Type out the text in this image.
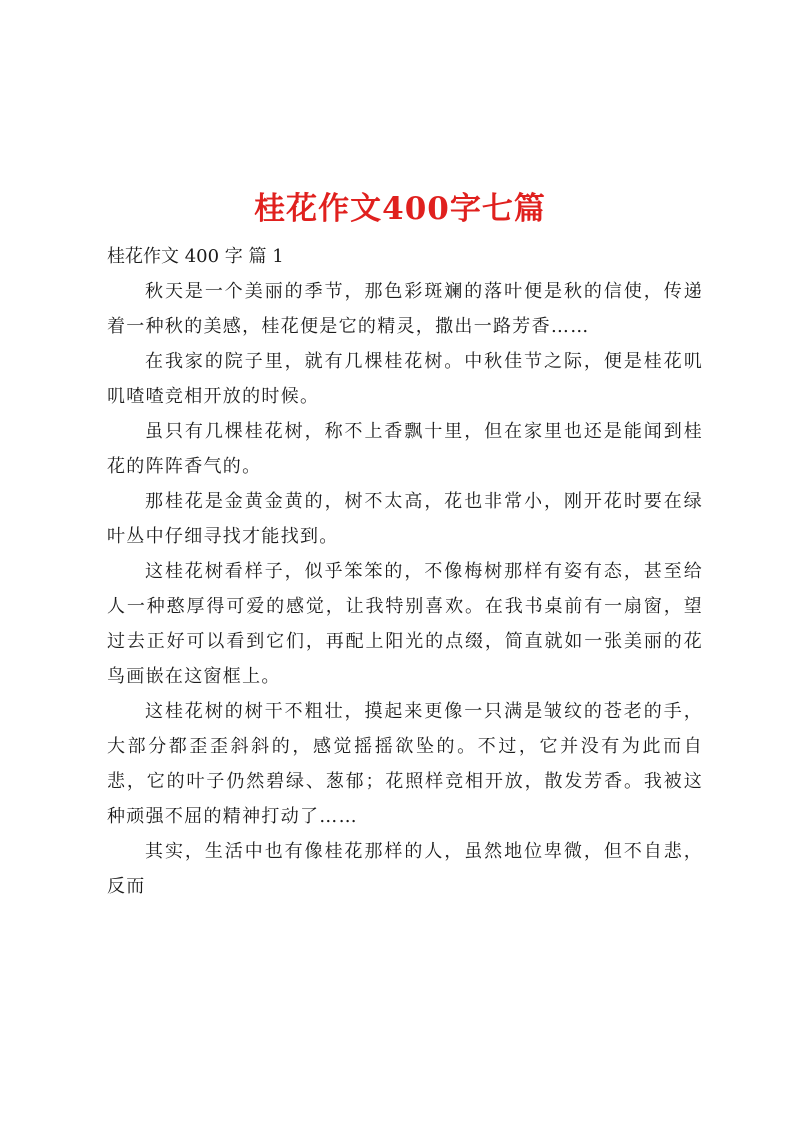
桂花作文400字七篇

桂花作文 400 字 篇 1

秋天是一个美丽的季节，那色彩斑斓的落叶便是秋的信使，传递着一种秋的美感，桂花便是它的精灵，撒出一路芳香……

在我家的院子里，就有几棵桂花树。中秋佳节之际，便是桂花叽叽喳喳竞相开放的时候。

虽只有几棵桂花树，称不上香飘十里，但在家里也还是能闻到桂花的阵阵香气的。

那桂花是金黄金黄的，树不太高，花也非常小，刚开花时要在绿叶丛中仔细寻找才能找到。

这桂花树看样子，似乎笨笨的，不像梅树那样有姿有态，甚至给人一种憨厚得可爱的感觉，让我特别喜欢。在我书桌前有一扇窗，望过去正好可以看到它们，再配上阳光的点缀，简直就如一张美丽的花鸟画嵌在这窗框上。

这桂花树的树干不粗壮，摸起来更像一只满是皱纹的苍老的手，大部分都歪歪斜斜的，感觉摇摇欲坠的。不过，它并没有为此而自悲，它的叶子仍然碧绿、葱郁；花照样竞相开放，散发芳香。我被这种顽强不屈的精神打动了……

其实，生活中也有像桂花那样的人，虽然地位卑微，但不自悲，反而
